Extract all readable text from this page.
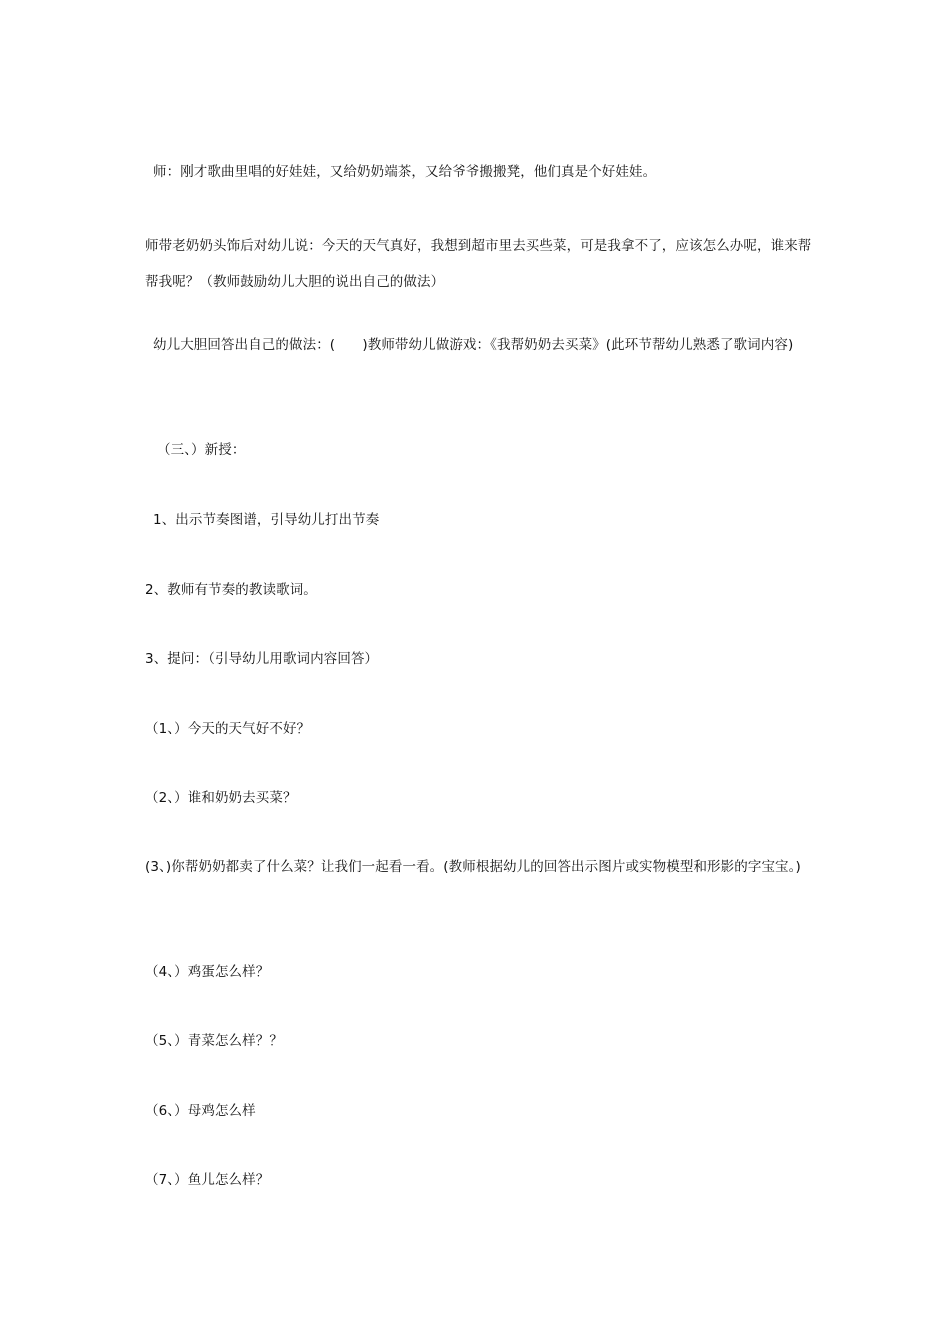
师：刚才歌曲里唱的好娃娃，又给奶奶端茶，又给爷爷搬搬凳，他们真是个好娃娃。
师带老奶奶头饰后对幼儿说：今天的天气真好，我想到超市里去买些菜，可是我拿不了，应该怎么办呢，谁来帮帮我呢？（教师鼓励幼儿大胆的说出自己的做法）
幼儿大胆回答出自己的做法：(　　)教师带幼儿做游戏：《我帮奶奶去买菜》(此环节帮幼儿熟悉了歌词内容)
（三、）新授：
1、出示节奏图谱，引导幼儿打出节奏
2、教师有节奏的教读歌词。
3、提问：（引导幼儿用歌词内容回答）
（1、）今天的天气好不好？
（2、）谁和奶奶去买菜？
(3、)你帮奶奶都卖了什么菜？让我们一起看一看。(教师根据幼儿的回答出示图片或实物模型和形影的字宝宝。)
（4、）鸡蛋怎么样？
（5、）青菜怎么样？？
（6、）母鸡怎么样
（7、）鱼儿怎么样？
